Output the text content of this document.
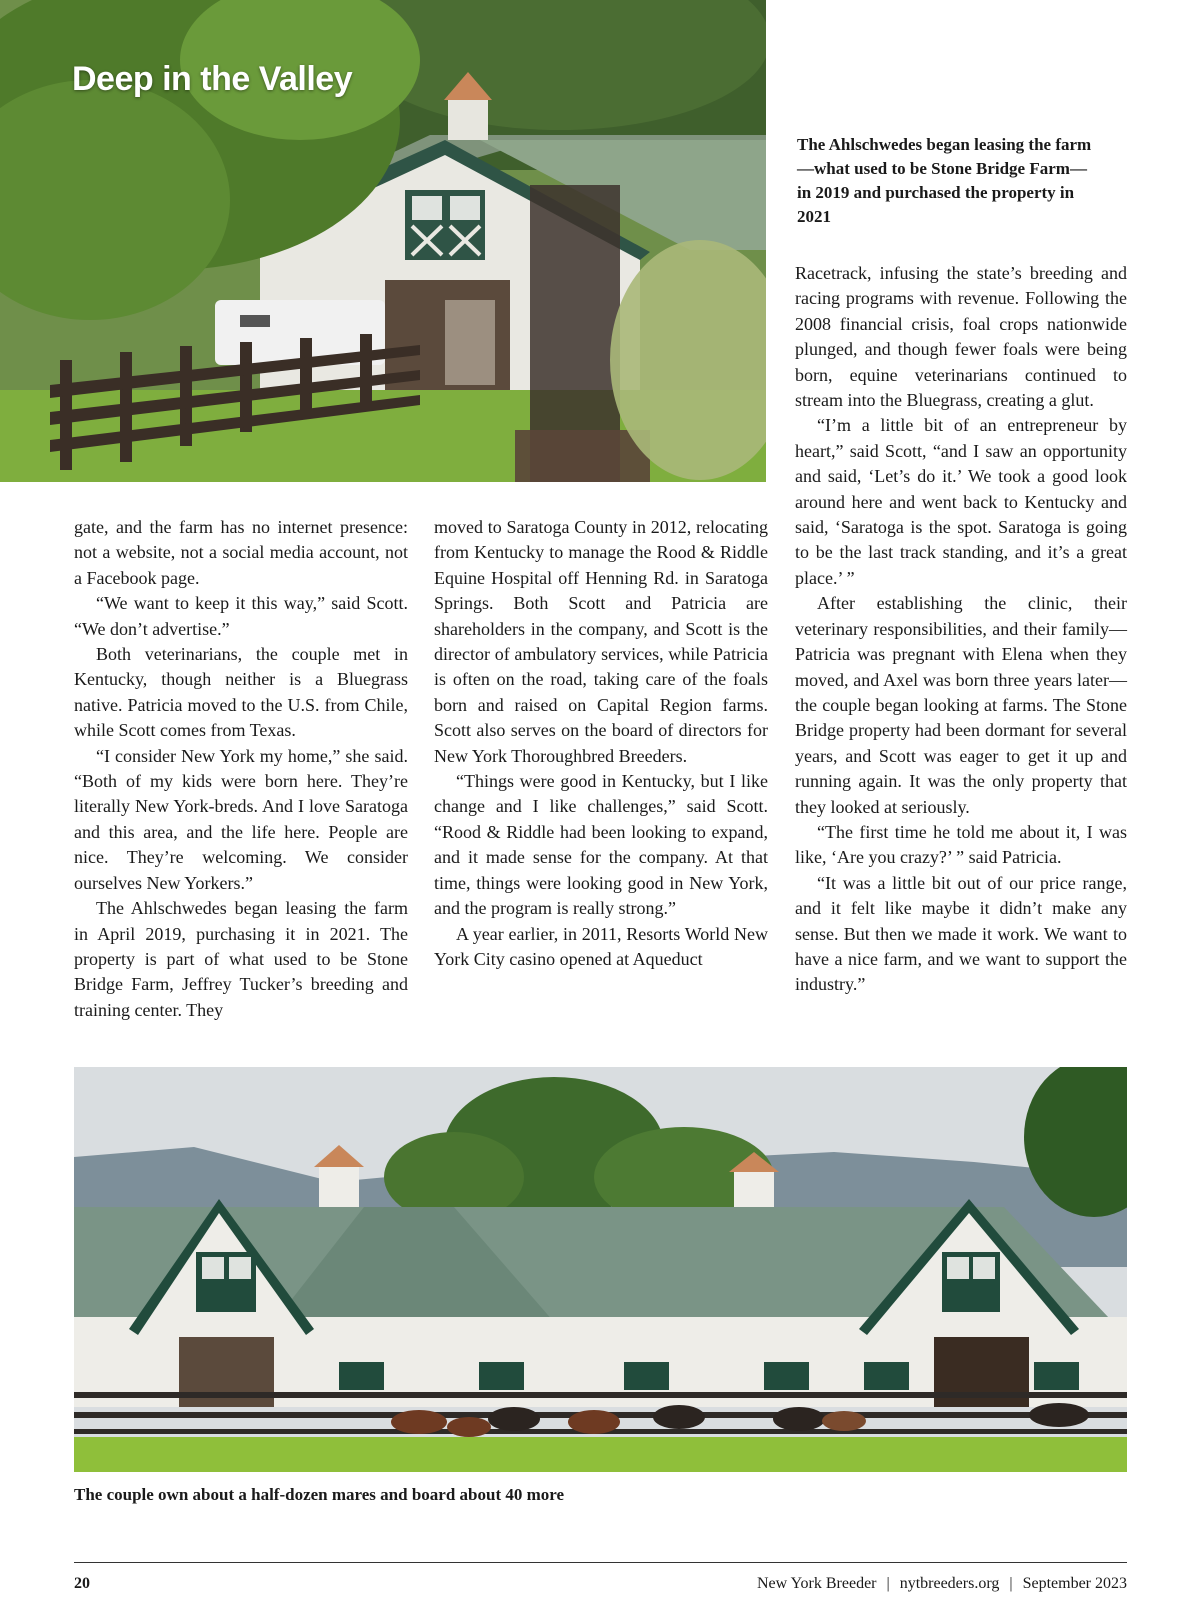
Deep in the Valley
The Ahlschwedes began leasing the farm—what used to be Stone Bridge Farm—in 2019 and purchased the property in 2021

gate, and the farm has no internet presence: not a website, not a social media account, not a Facebook page.

“We want to keep it this way,” said Scott. “We don’t advertise.”

Both veterinarians, the couple met in Kentucky, though neither is a Bluegrass native. Patricia moved to the U.S. from Chile, while Scott comes from Texas.

“I consider New York my home,” she said. “Both of my kids were born here. They’re literally New York-breds. And I love Saratoga and this area, and the life here. People are nice. They’re welcoming. We consider ourselves New Yorkers.”

The Ahlschwedes began leasing the farm in April 2019, purchasing it in 2021. The property is part of what used to be Stone Bridge Farm, Jeffrey Tucker’s breeding and training center. They

moved to Saratoga County in 2012, relocating from Kentucky to manage the Rood & Riddle Equine Hospital off Henning Rd. in Saratoga Springs. Both Scott and Patricia are shareholders in the company, and Scott is the director of ambulatory services, while Patricia is often on the road, taking care of the foals born and raised on Capital Region farms. Scott also serves on the board of directors for New York Thoroughbred Breeders.

“Things were good in Kentucky, but I like change and I like challenges,” said Scott. “Rood & Riddle had been looking to expand, and it made sense for the company. At that time, things were looking good in New York, and the program is really strong.”

A year earlier, in 2011, Resorts World New York City casino opened at Aqueduct

Racetrack, infusing the state’s breeding and racing programs with revenue. Following the 2008 financial crisis, foal crops nationwide plunged, and though fewer foals were being born, equine veterinarians continued to stream into the Bluegrass, creating a glut.

“I’m a little bit of an entrepreneur by heart,” said Scott, “and I saw an opportunity and said, ‘Let’s do it.’ We took a good look around here and went back to Kentucky and said, ‘Saratoga is the spot. Saratoga is going to be the last track standing, and it’s a great place.’ ”

After establishing the clinic, their veterinary responsibilities, and their family—Patricia was pregnant with Elena when they moved, and Axel was born three years later—the couple began looking at farms. The Stone Bridge property had been dormant for several years, and Scott was eager to get it up and running again. It was the only property that they looked at seriously.

“The first time he told me about it, I was like, ‘Are you crazy?’ ” said Patricia.

“It was a little bit out of our price range, and it felt like maybe it didn’t make any sense. But then we made it work. We want to have a nice farm, and we want to support the industry.”

The couple own about a half-dozen mares and board about 40 more
20	New York Breeder | nytbreeders.org | September 2023
